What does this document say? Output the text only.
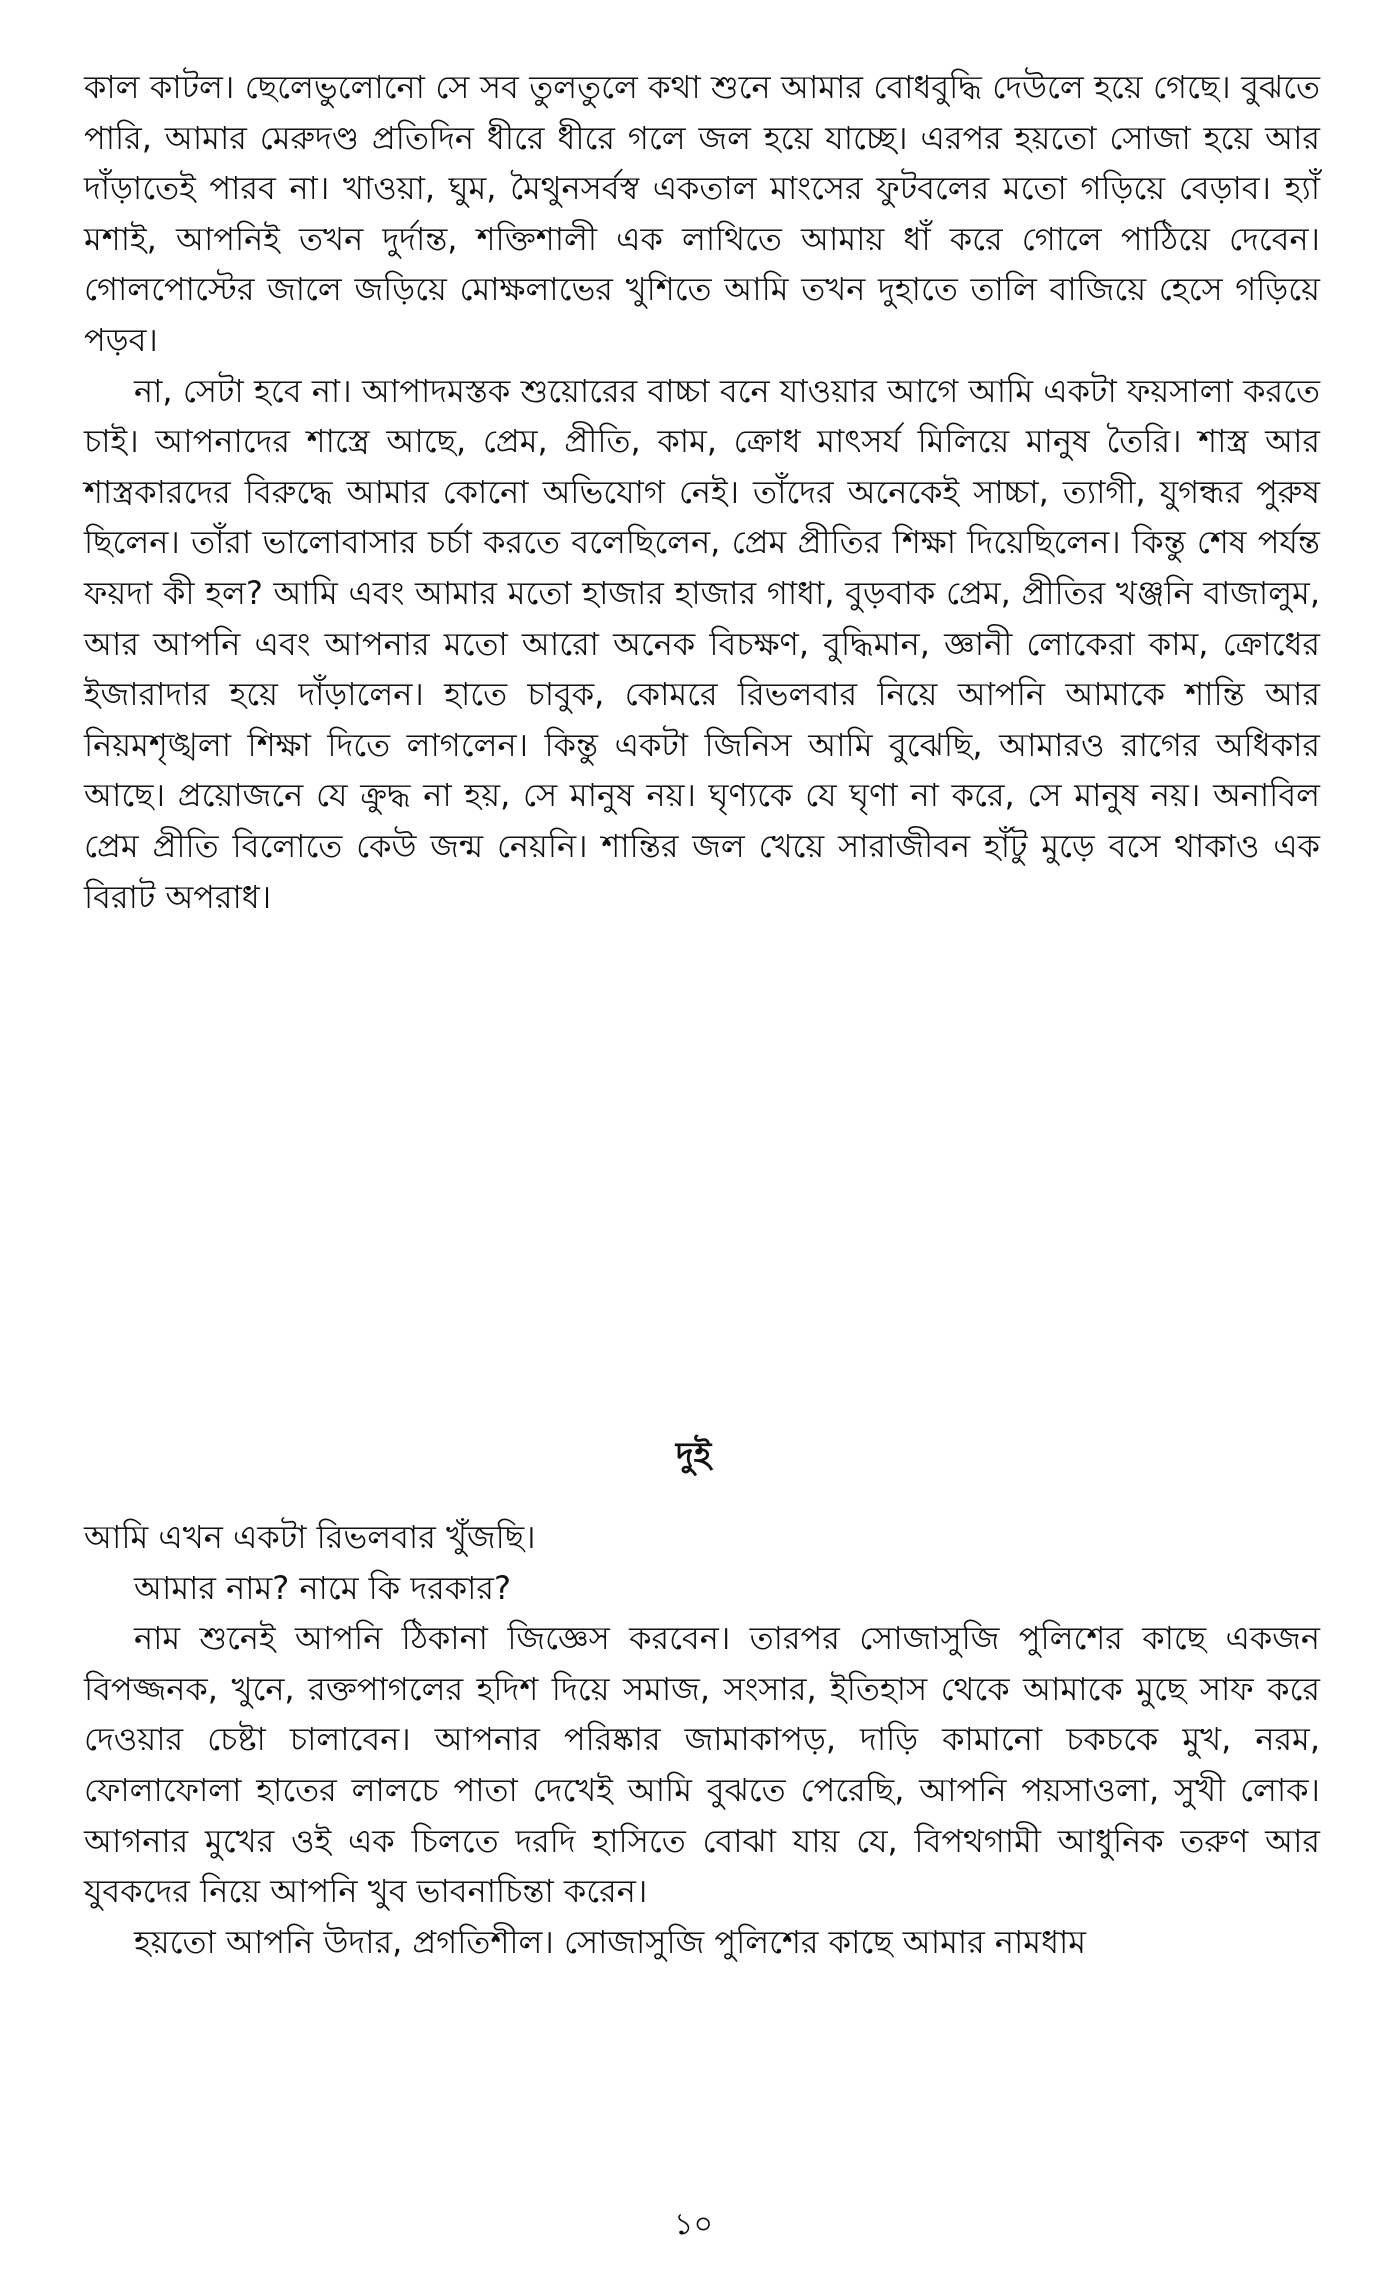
কাল কাটল। ছেলেভুলোনো সে সব তুলতুলে কথা শুনে আমার বোধবুদ্ধি দেউলে হয়ে গেছে। বুঝতে পারি, আমার মেরুদণ্ড প্রতিদিন ধীরে ধীরে গলে জল হয়ে যাচ্ছে। এরপর হয়তো সোজা হয়ে আর দাঁড়াতেই পারব না। খাওয়া, ঘুম, মৈথুনসর্বস্ব একতাল মাংসের ফুটবলের মতো গড়িয়ে বেড়াব। হ্যাঁ মশাই, আপনিই তখন দুর্দান্ত, শক্তিশালী এক লাথিতে আমায় ধাঁ করে গোলে পাঠিয়ে দেবেন। গোলপোস্টের জালে জড়িয়ে মোক্ষলাভের খুশিতে আমি তখন দুহাতে তালি বাজিয়ে হেসে গড়িয়ে পড়ব।

না, সেটা হবে না। আপাদমস্তক শুয়োরের বাচ্চা বনে যাওয়ার আগে আমি একটা ফয়সালা করতে চাই। আপনাদের শাস্ত্রে আছে, প্রেম, প্রীতি, কাম, ক্রোধ মাৎসর্য মিলিয়ে মানুষ তৈরি। শাস্ত্র আর শাস্ত্রকারদের বিরুদ্ধে আমার কোনো অভিযোগ নেই। তাঁদের অনেকেই সাচ্চা, ত্যাগী, যুগন্ধর পুরুষ ছিলেন। তাঁরা ভালোবাসার চর্চা করতে বলেছিলেন, প্রেম প্রীতির শিক্ষা দিয়েছিলেন। কিন্তু শেষ পর্যন্ত ফয়দা কী হল? আমি এবং আমার মতো হাজার হাজার গাধা, বুড়বাক প্রেম, প্রীতির খঞ্জনি বাজালুম, আর আপনি এবং আপনার মতো আরো অনেক বিচক্ষণ, বুদ্ধিমান, জ্ঞানী লোকেরা কাম, ক্রোধের ইজারাদার হয়ে দাঁড়ালেন। হাতে চাবুক, কোমরে রিভলবার নিয়ে আপনি আমাকে শান্তি আর নিয়মশৃঙ্খলা শিক্ষা দিতে লাগলেন। কিন্তু একটা জিনিস আমি বুঝেছি, আমারও রাগের অধিকার আছে। প্রয়োজনে যে ক্রুদ্ধ না হয়, সে মানুষ নয়। ঘৃণ্যকে যে ঘৃণা না করে, সে মানুষ নয়। অনাবিল প্রেম প্রীতি বিলোতে কেউ জন্ম নেয়নি। শান্তির জল খেয়ে সারাজীবন হাঁটু মুড়ে বসে থাকাও এক বিরাট অপরাধ।

দুই

আমি এখন একটা রিভলবার খুঁজছি।

আমার নাম? নামে কি দরকার?

নাম শুনেই আপনি ঠিকানা জিজ্ঞেস করবেন। তারপর সোজাসুজি পুলিশের কাছে একজন বিপজ্জনক, খুনে, রক্তপাগলের হদিশ দিয়ে সমাজ, সংসার, ইতিহাস থেকে আমাকে মুছে সাফ করে দেওয়ার চেষ্টা চালাবেন। আপনার পরিষ্কার জামাকাপড়, দাড়ি কামানো চকচকে মুখ, নরম, ফোলাফোলা হাতের লালচে পাতা দেখেই আমি বুঝতে পেরেছি, আপনি পয়সাওলা, সুখী লোক। আগনার মুখের ওই এক চিলতে দরদি হাসিতে বোঝা যায় যে, বিপথগামী আধুনিক তরুণ আর যুবকদের নিয়ে আপনি খুব ভাবনাচিন্তা করেন।

হয়তো আপনি উদার, প্রগতিশীল। সোজাসুজি পুলিশের কাছে আমার নামধাম

১০
